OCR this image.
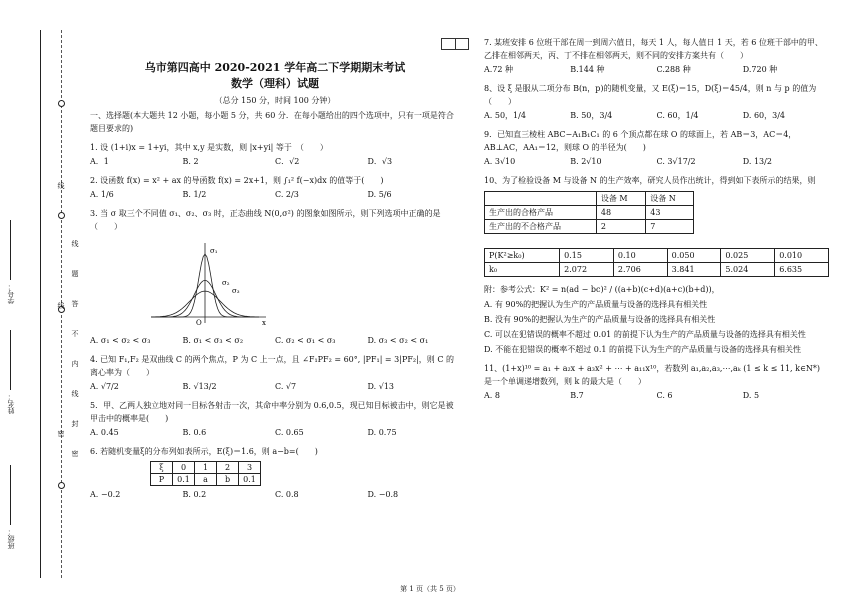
线
线
密
线
题
答
不
内
线
封
密
学号：
姓名：
班级：
乌市第四高中 2020-2021 学年高二下学期期末考试
数学（理科）试题
（总分 150 分，时间 100 分钟）

一、选择题(本大题共 12 小题，每小题 5 分，共 60 分．在每小题给出的四个选项中，只有一项是符合题目要求的)

1. 设 (1+i)x = 1+yi，其中 x,y 是实数，则 |x+yi| 等于　（　　）

A．1	B. 2	C．√2	D．√3

2. 设函数 f(x) = x² + ax 的导函数 f(x) = 2x+1，则 ∫₁² f(−x)dx 的值等于(　　)

A. 1/6	B. 1/2	C. 2/3	D. 5/6

3. 当 σ 取三个不同值 σ₁、σ₂、σ₃ 时，正态曲线 N(0,σ²) 的图象如图所示，则下列选项中正确的是（　　）

σ₁
σ₂
σ₃
x
O
A. σ₁ < σ₂ < σ₃	B. σ₁ < σ₃ < σ₂	C. σ₂ < σ₁ < σ₃	D. σ₃ < σ₂ < σ₁

4. 已知 F₁,F₂ 是双曲线 C 的两个焦点，P 为 C 上一点，且 ∠F₁PF₂ = 60°, |PF₁| = 3|PF₂|，则 C 的离心率为（　　）

A. √7/2	B. √13/2	C. √7	D. √13

5．甲、乙两人独立地对同一目标各射击一次，其命中率分别为 0.6,0.5，现已知目标被击中，则它是被甲击中的概率是(　　)

A. 0.45	B. 0.6	C. 0.65	D. 0.75

6. 若随机变量ξ的分布列如表所示，E(ξ)＝1.6，则 a−b=(　　)

ξ	0	1	2	3
P	0.1	a	b	0.1
A. −0.2	B. 0.2	C. 0.8	D. −0.8

7. 某班安排 6 位班干部在周一到周六值日，每天 1 人，每人值日 1 天，若 6 位班干部中的甲、乙排在相邻两天，丙、丁不排在相邻两天，则不同的安排方案共有（　　）

A.72 种	B.144 种	C.288 种	D.720 种

8、设 ξ 是服从二项分布 B(n，p)的随机变量，又 E(ξ)＝15，D(ξ)＝45/4，则 n 与 p 的值为（　　）

A. 50，1/4	B. 50，3/4	C. 60，1/4	D. 60，3/4

9．已知直三棱柱 ABC−A₁B₁C₁ 的 6 个顶点都在球 O 的球面上，若 AB＝3，AC＝4，AB⊥AC，AA₁＝12，则球 O 的半径为(　　)

A. 3√10	B. 2√10	C. 3√17/2	D. 13/2

10、为了检验设备 M 与设备 N 的生产效率，研究人员作出统计，得到如下表所示的结果，则

	设备 M	设备 N
生产出的合格产品	48	43
生产出的不合格产品	2	7
P(K²≥k₀)	0.15	0.10	0.050	0.025	0.010
k₀	2.072	2.706	3.841	5.024	6.635

附：参考公式：K² = n(ad − bc)² / ((a+b)(c+d)(a+c)(b+d))，

A. 有 90%的把握认为生产的产品质量与设备的选择具有相关性

B. 没有 90%的把握认为生产的产品质量与设备的选择具有相关性

C. 可以在犯错误的概率不超过 0.01 的前提下认为生产的产品质量与设备的选择具有相关性

D. 不能在犯错误的概率不超过 0.1 的前提下认为生产的产品质量与设备的选择具有相关性

11、(1+x)¹⁰ = a₁ + a₂x + a₃x² + ⋯ + a₁₁x¹⁰，若数列 a₁,a₂,a₃,⋯,aₖ (1 ≤ k ≤ 11, k∈N*) 是一个单调递增数列，则 k 的最大是（　　）

A. 8	B.7	C. 6	D. 5
第 1 页（共 5 页）
